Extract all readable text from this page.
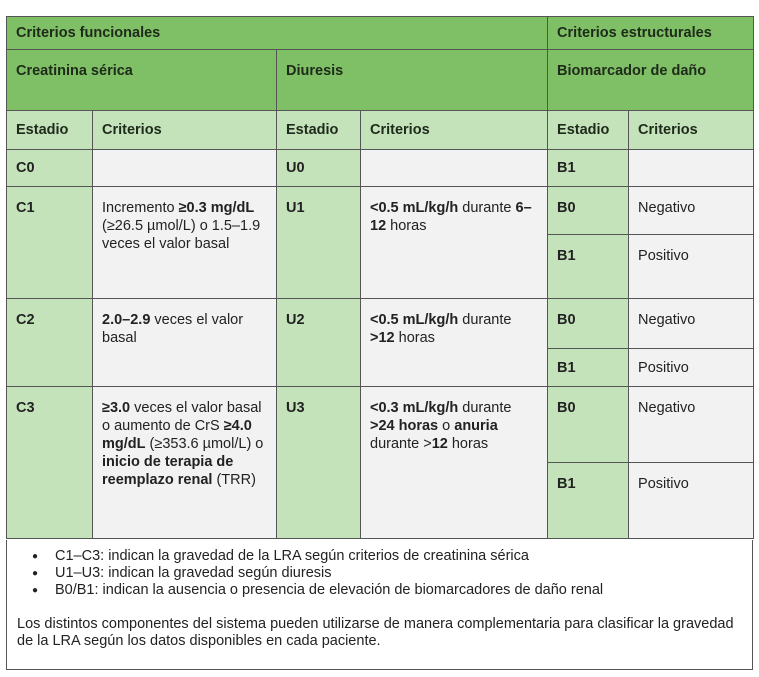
Criterios funcionales				Criterios estructurales	
Creatinina sérica		Diuresis		Biomarcador de daño	
Estadio	Criterios	Estadio	Criterios	Estadio	Criterios
C0		U0		B1	
C1	Incremento ≥0.3 mg/dL (≥26.5 µmol/L) o 1.5–1.9 veces el valor basal	U1	<0.5 mL/kg/h durante 6–12 horas	B0	Negativo
				B1	Positivo
C2	2.0–2.9 veces el valor basal	U2	<0.5 mL/kg/h durante >12 horas	B0	Negativo
				B1	Positivo
C3	≥3.0 veces el valor basal o aumento de CrS ≥4.0 mg/dL (≥353.6 µmol/L) o inicio de terapia de reemplazo renal (TRR)	U3	<0.3 mL/kg/h durante >24 horas o anuria durante >12 horas	B0	Negativo
				B1	Positivo
● C1–C3: indican la gravedad de la LRA según criterios de creatinina sérica
● U1–U3: indican la gravedad según diuresis
● B0/B1: indican la ausencia o presencia de elevación de biomarcadores de daño renal

Los distintos componentes del sistema pueden utilizarse de manera complementaria para clasificar la gravedad de la LRA según los datos disponibles en cada paciente.
